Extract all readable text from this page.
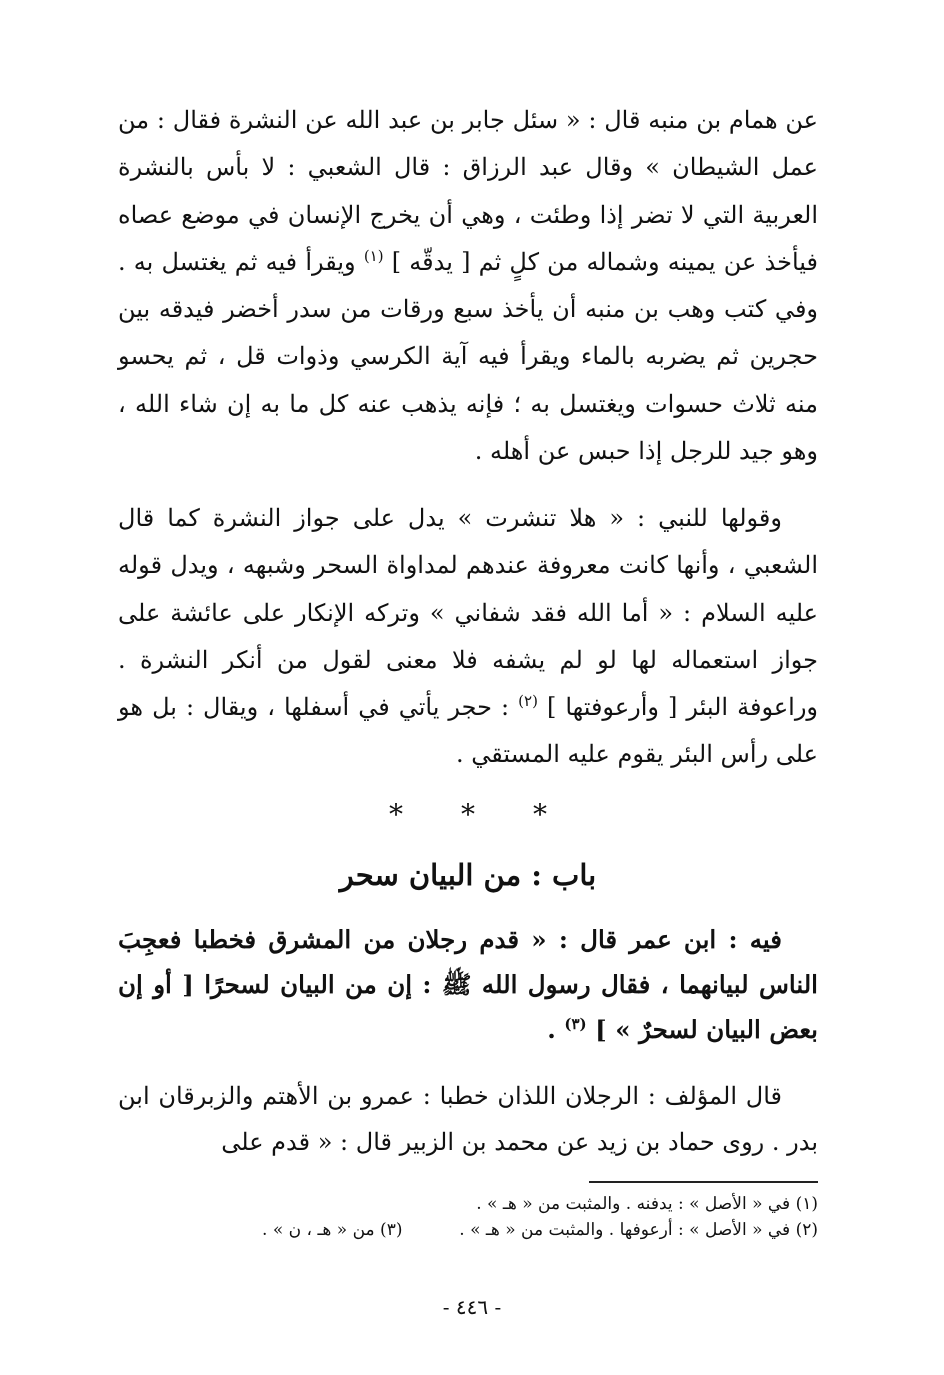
عن همام بن منبه قال : « سئل جابر بن عبد الله عن النشرة فقال : من عمل الشيطان » وقال عبد الرزاق : قال الشعبي : لا بأس بالنشرة العربية التي لا تضر إذا وطئت ، وهي أن يخرج الإنسان في موضع عصاه فيأخذ عن يمينه وشماله من كلٍ ثم [ يدقّه ] $^{(١)}$ ويقرأ فيه ثم يغتسل به . وفي كتب وهب بن منبه أن يأخذ سبع ورقات من سدر أخضر فيدقه بين حجرين ثم يضربه بالماء ويقرأ فيه آية الكرسي وذوات قل ، ثم يحسو منه ثلاث حسوات ويغتسل به ؛ فإنه يذهب عنه كل ما به إن شاء الله ، وهو جيد للرجل إذا حبس عن أهله .
وقولها للنبي : « هلا تنشرت » يدل على جواز النشرة كما قال الشعبي ، وأنها كانت معروفة عندهم لمداواة السحر وشبهه ، ويدل قوله عليه السلام : « أما الله فقد شفاني » وتركه الإنكار على عائشة على جواز استعماله لها لو لم يشفه فلا معنى لقول من أنكر النشرة . وراعوفة البئر [ وأرعوفتها ] $^{(٢)}$ : حجر يأتي في أسفلها ، ويقال : بل هو على رأس البئر يقوم عليه المستقي .
* * *
باب : من البيان سحر
فيه : ابن عمر قال : « قدم رجلان من المشرق فخطبا فعجِبَ الناس لبيانهما ، فقال رسول الله ﷺ : إن من البيان لسحرًا [ أو إن بعض البيان لسحرٌ » ] $^{(٣)}$ .
قال المؤلف : الرجلان اللذان خطبا : عمرو بن الأهتم والزبرقان ابن بدر . روى حماد بن زيد عن محمد بن الزبير قال : « قدم على
(١) في « الأصل » : يدفنه . والمثبت من « هـ » .
(٢) في « الأصل » : أرعوفها . والمثبت من « هـ » .  (٣) من « هـ ، ن » .
- ٤٤٦ -
